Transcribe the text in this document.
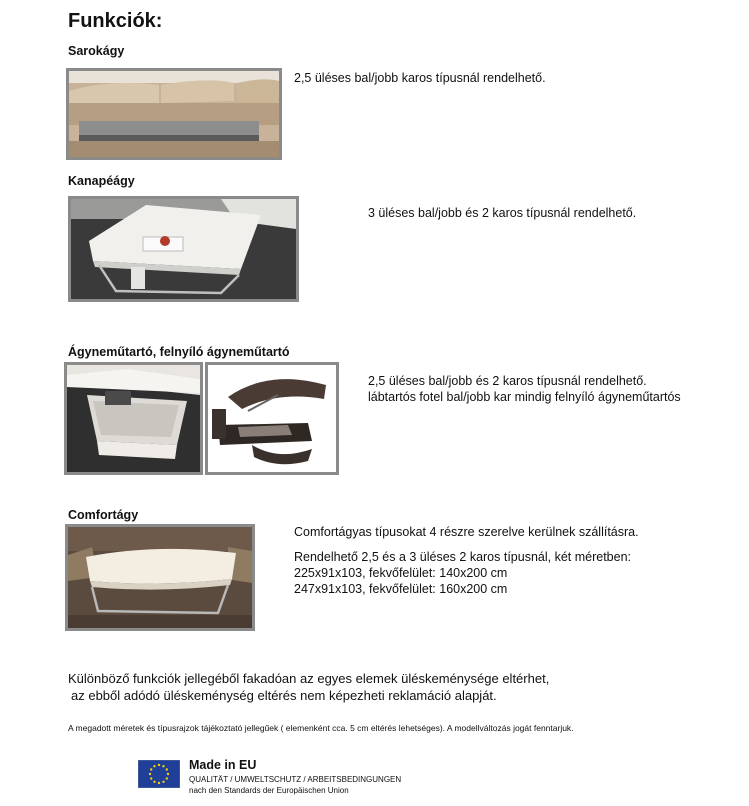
Funkciók:
Sarokágy
2,5 üléses bal/jobb karos típusnál rendelhető.
Kanapéágy
3 üléses bal/jobb és 2 karos típusnál rendelhető.
Ágyneműtartó, felnyíló ágyneműtartó
2,5 üléses bal/jobb és 2 karos típusnál rendelhető.
lábtartós fotel bal/jobb kar mindig felnyíló ágyneműtartós
Comfortágy
Comfortágyas típusokat 4 részre szerelve kerülnek szállításra.
Rendelhető 2,5 és a 3 üléses 2 karos típusnál, két méretben:
225x91x103, fekvőfelület: 140x200 cm
247x91x103, fekvőfelület: 160x200 cm
Különböző funkciók jellegéből fakadóan az egyes elemek üléskeménysége eltérhet,
az ebből adódó üléskeménység eltérés nem képezheti reklamáció alapját.
A megadott méretek és típusrajzok tájékoztató jellegűek ( elemenként cca. 5 cm eltérés lehetséges). A modellváltozás jogát fenntarjuk.
Made in EU
QUALITÄT / UMWELTSCHUTZ / ARBEITSBEDINGUNGEN
nach den Standards der Europäischen Union
